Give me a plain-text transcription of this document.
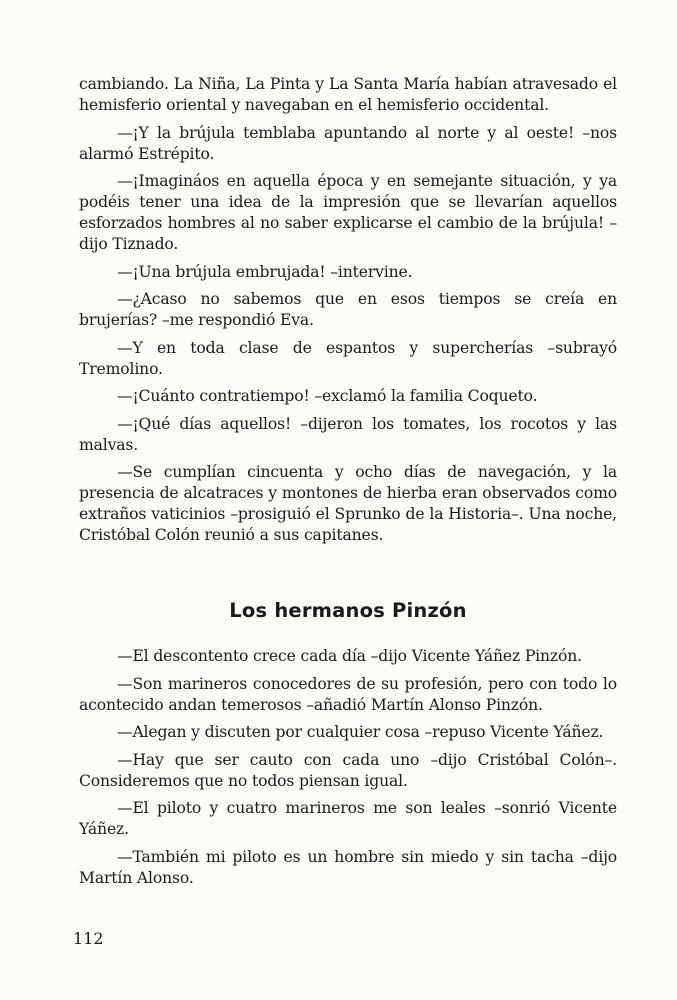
cambiando. La Niña, La Pinta y La Santa María habían atravesado el hemisferio oriental y navegaban en el hemisferio occidental.

—¡Y la brújula temblaba apuntando al norte y al oeste! –nos alarmó Estrépito.

—¡Imagináos en aquella época y en semejante situación, y ya podéis tener una idea de la impresión que se llevarían aquellos esforzados hombres al no saber explicarse el cambio de la brújula! –dijo Tiznado.

—¡Una brújula embrujada! –intervine.

—¿Acaso no sabemos que en esos tiempos se creía en brujerías? –me respondió Eva.

—Y en toda clase de espantos y supercherías –subrayó Tremolino.

—¡Cuánto contratiempo! –exclamó la familia Coqueto.

—¡Qué días aquellos! –dijeron los tomates, los rocotos y las malvas.

—Se cumplían cincuenta y ocho días de navegación, y la presencia de alcatraces y montones de hierba eran observados como extraños vaticinios –prosiguió el Sprunko de la Historia–. Una noche, Cristóbal Colón reunió a sus capitanes.

Los hermanos Pinzón

—El descontento crece cada día –dijo Vicente Yáñez Pinzón.

—Son marineros conocedores de su profesión, pero con todo lo acontecido andan temerosos –añadió Martín Alonso Pinzón.

—Alegan y discuten por cualquier cosa –repuso Vicente Yáñez.

—Hay que ser cauto con cada uno –dijo Cristóbal Colón–. Consideremos que no todos piensan igual.

—El piloto y cuatro marineros me son leales –sonrió Vicente Yáñez.

—También mi piloto es un hombre sin miedo y sin tacha –dijo Martín Alonso.

112
